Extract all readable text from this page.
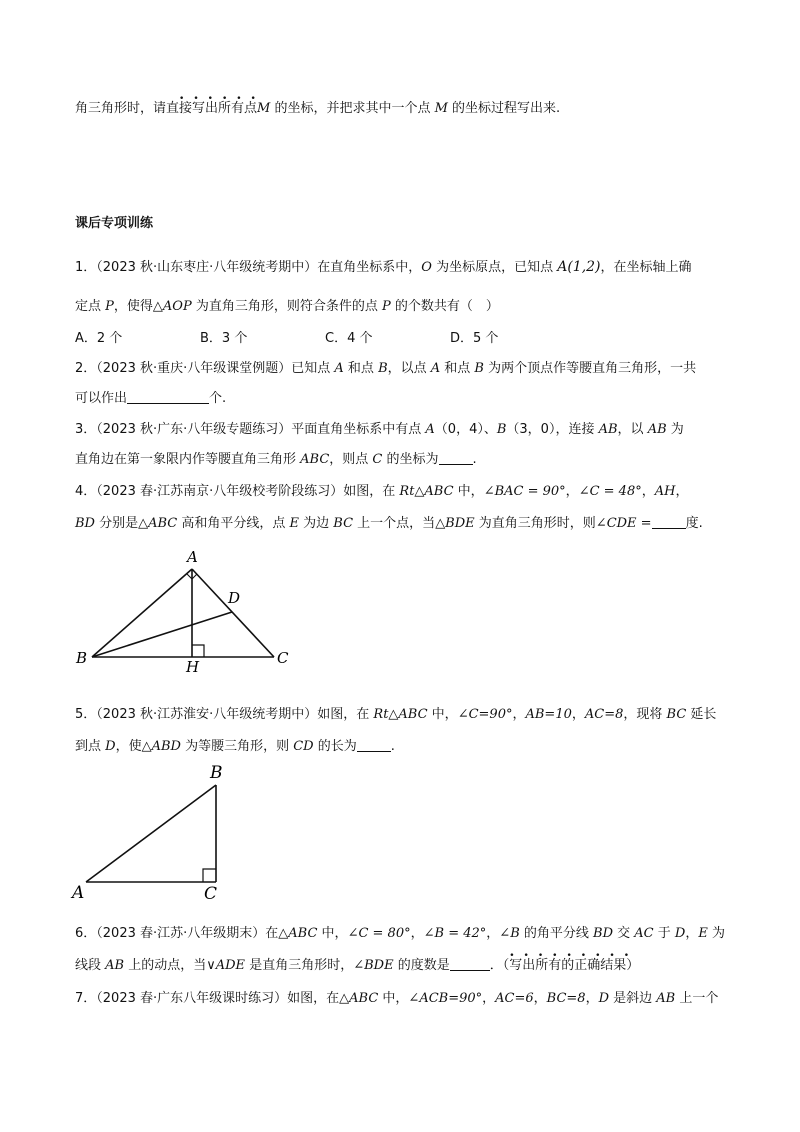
角三角形时，请直
••••••
接写出所有点M 的坐标，并把求其中一个点 M 的坐标过程写出来.
课后专项训练
1．（2023 秋·山东枣庄·八年级统考期中）在直角坐标系中，O 为坐标原点，已知点 A(1,2)，在坐标轴上确
定点 P，使得△AOP 为直角三角形，则符合条件的点 P 的个数共有（　）
A．2 个	B．3 个	C．4 个	D．5 个
2．（2023 秋·重庆·八年级课堂例题）已知点 A 和点 B，以点 A 和点 B 为两个顶点作等腰直角三角形，一共
可以作出	个.
3．（2023 秋·广东·八年级专题练习）平面直角坐标系中有点 A（0，4）、B（3，0），连接 AB，以 AB 为
直角边在第一象限内作等腰直角三角形 ABC，则点 C 的坐标为	.
4．（2023 春·江苏南京·八年级校考阶段练习）如图，在 Rt△ABC 中，∠BAC = 90°，∠C = 48°，AH，
BD 分别是△ABC 高和角平分线，点 E 为边 BC 上一个点，当△BDE 为直角三角形时，则∠CDE =	度.
A
B	C
D
H
5．（2023 秋·江苏淮安·八年级统考期中）如图，在 Rt△ABC 中，∠C=90°，AB=10，AC=8，现将 BC 延长
到点 D，使△ABD 为等腰三角形，则 CD 的长为	.
B
A	C
6．（2023 春·江苏·八年级期末）在△ABC 中，∠C = 80°，∠B = 42°，∠B 的角平分线 BD 交 AC 于 D，E 为
线段 AB 上的动点，当∨ADE 是直角三角形时，∠BDE 的度数是	．（
•••••••••
写出所有的正确结果）
7．（2023 春·广东八年级课时练习）如图，在△ABC 中，∠ACB=90°，AC=6，BC=8，D 是斜边 AB 上一个
